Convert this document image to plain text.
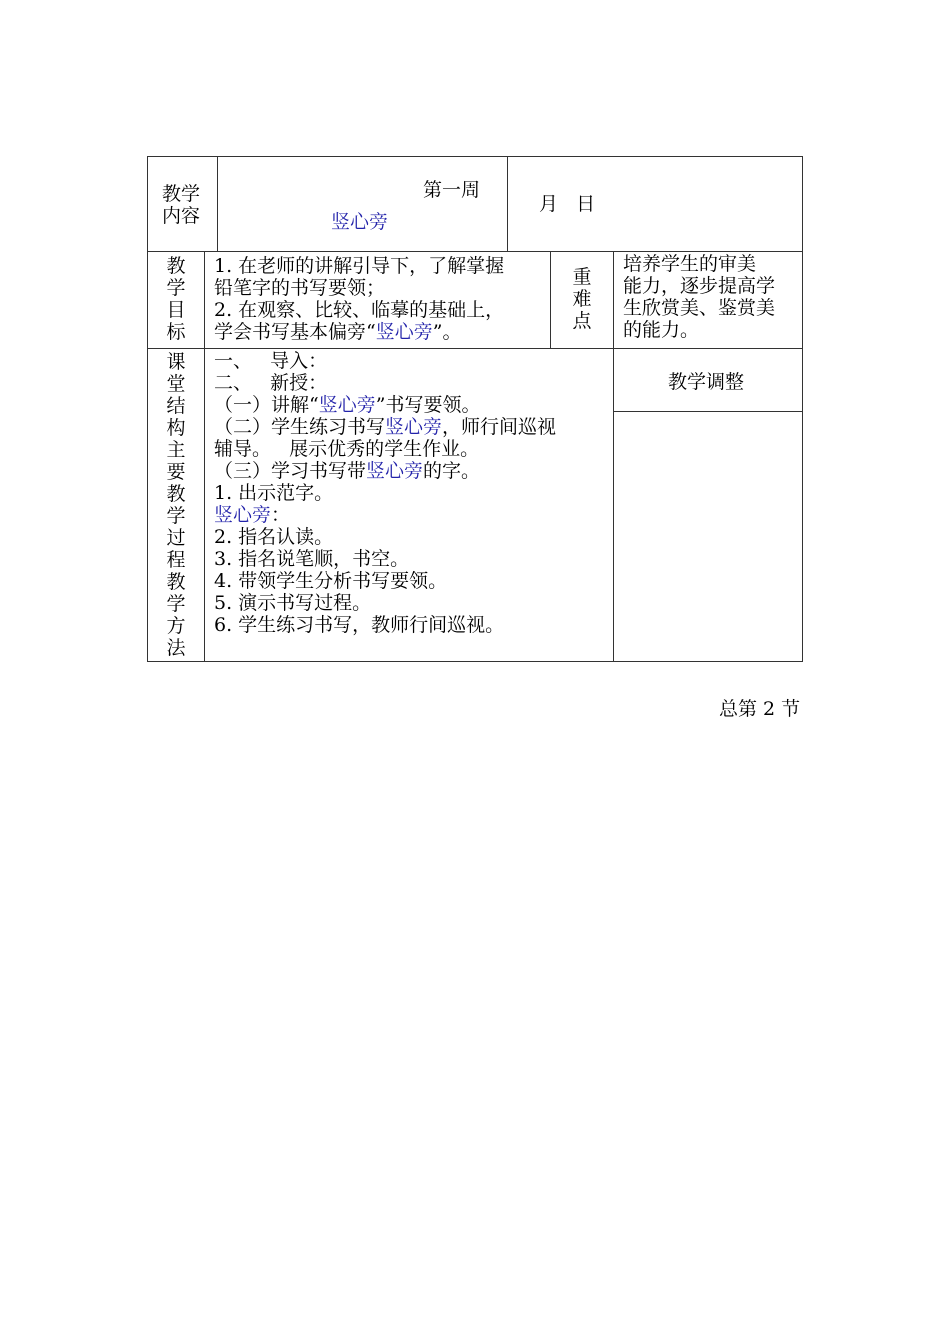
教学
内容
第一周
竖心旁
月   日
教
学
目
标
1. 在老师的讲解引导下，了解掌握
铅笔字的书写要领；
2. 在观察、比较、临摹的基础上，
学会书写基本偏旁“竖心旁”。
重
难
点
培养学生的审美
能力，逐步提高学
生欣赏美、鉴赏美
的能力。
课
堂
结
构
主
要
教
学
过
程
教
学
方
法
一、   导入：
二、   新授：
（一）讲解“竖心旁”书写要领。
（二）学生练习书写竖心旁，师行间巡视
辅导。   展示优秀的学生作业。
（三）学习书写带竖心旁的字。
1. 出示范字。
竖心旁：
2. 指名认读。
3. 指名说笔顺，书空。
4. 带领学生分析书写要领。
5. 演示书写过程。
6. 学生练习书写，教师行间巡视。
教学调整
总第 2 节
